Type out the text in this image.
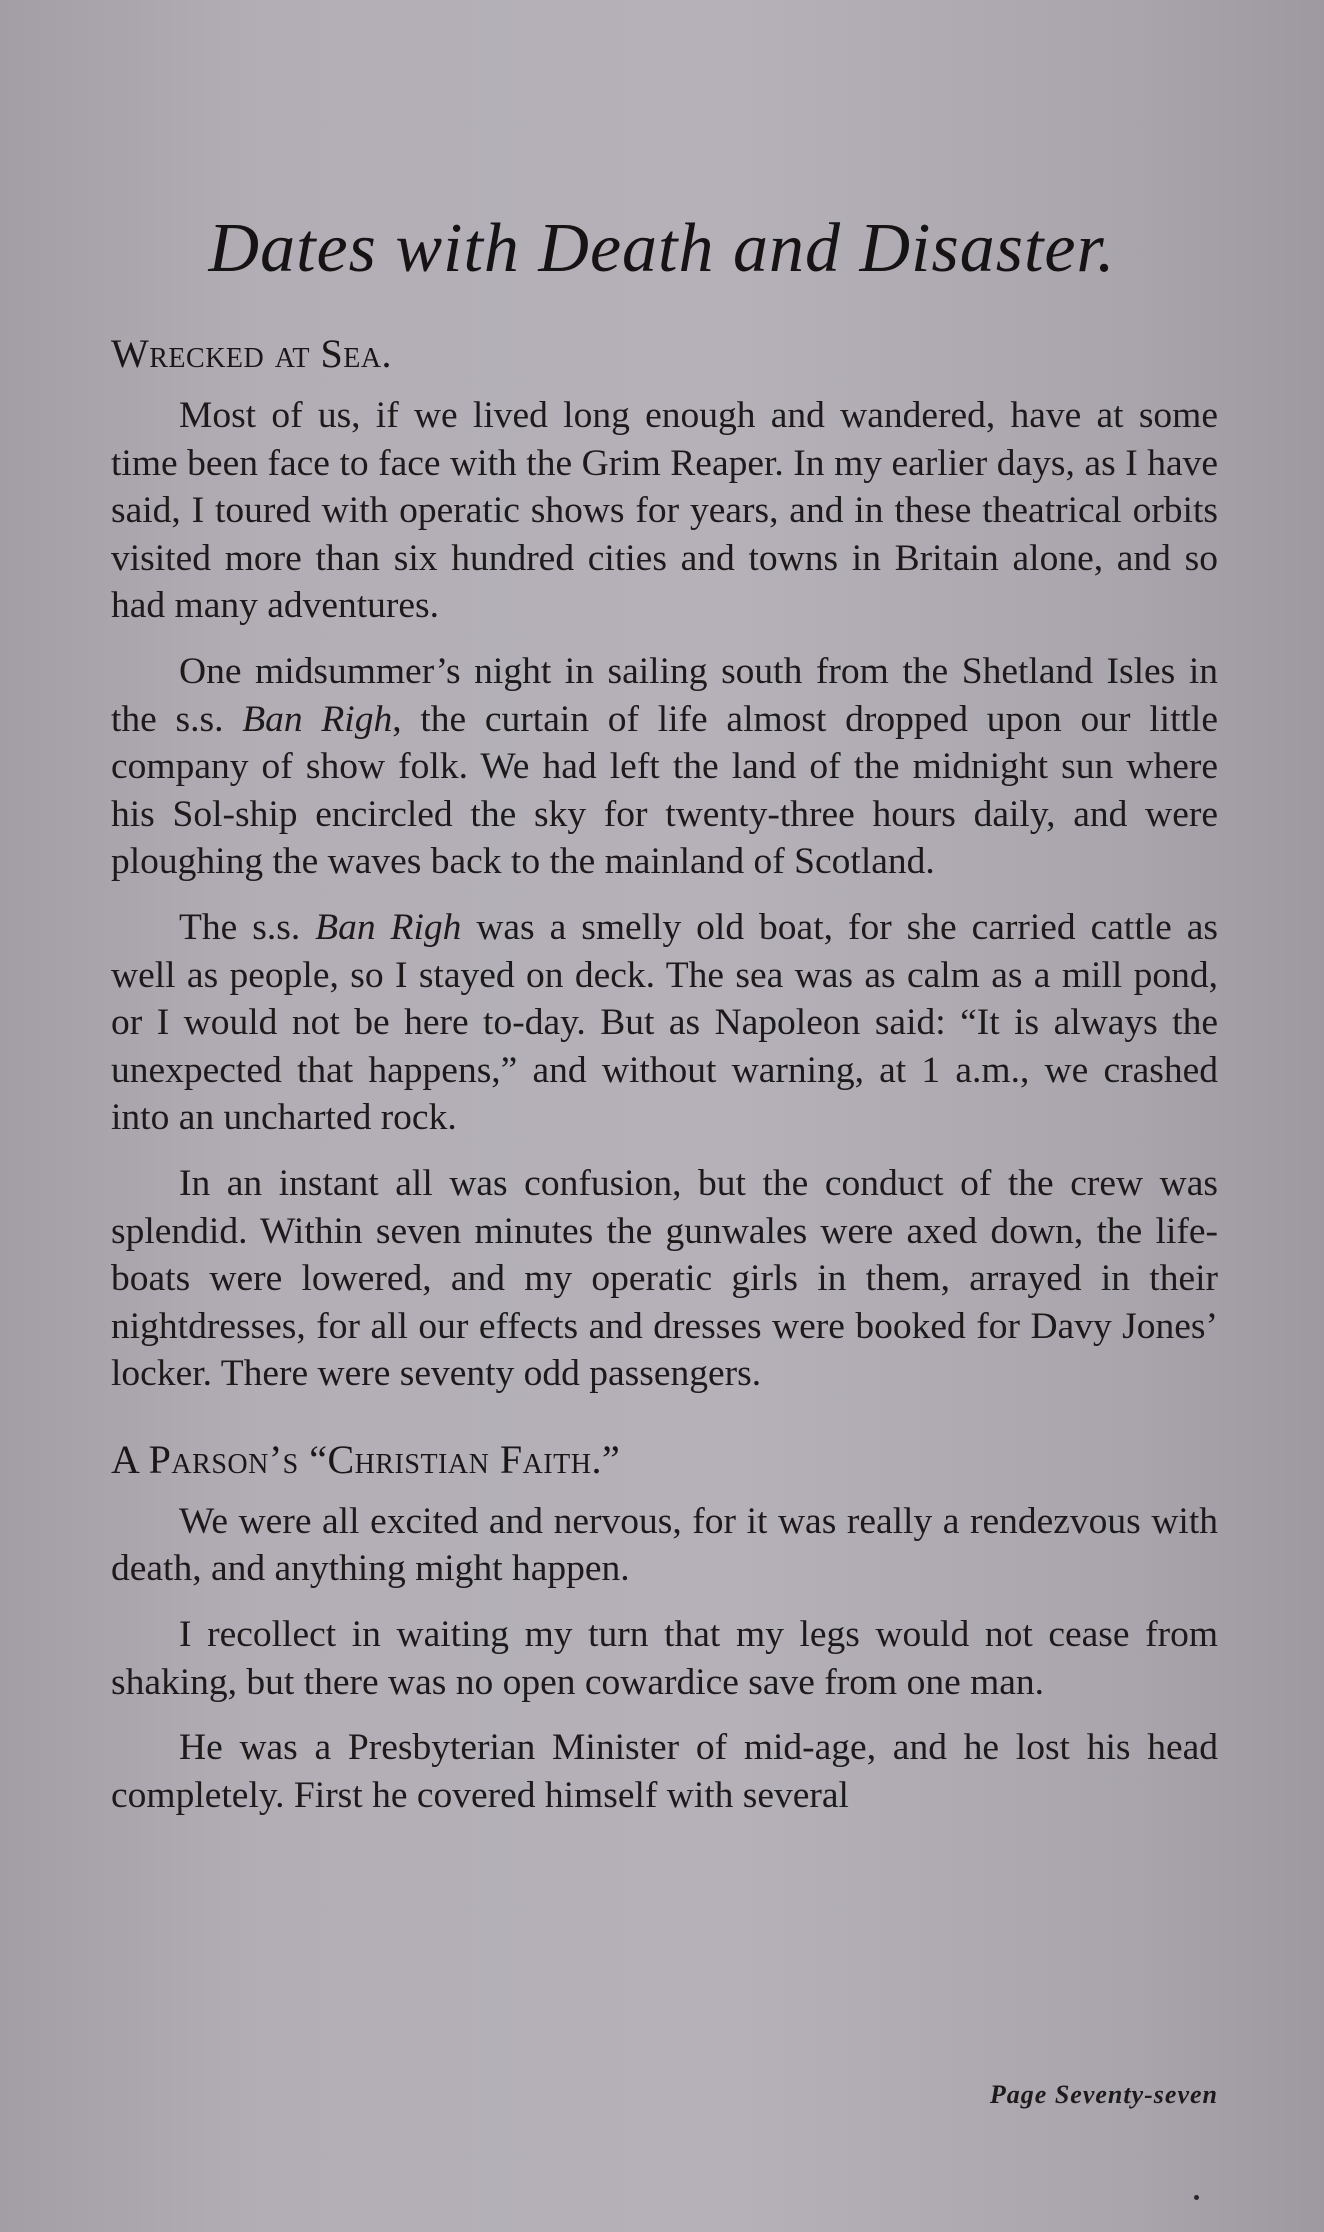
Dates with Death and Disaster.
Wrecked at Sea.

Most of us, if we lived long enough and wandered, have at some time been face to face with the Grim Reaper. In my earlier days, as I have said, I toured with operatic shows for years, and in these theatrical orbits visited more than six hundred cities and towns in Britain alone, and so had many adventures.

One midsummer’s night in sailing south from the Shetland Isles in the s.s. Ban Righ, the curtain of life almost dropped upon our little company of show folk. We had left the land of the midnight sun where his Sol-ship encircled the sky for twenty-three hours daily, and were ploughing the waves back to the mainland of Scotland.

The s.s. Ban Righ was a smelly old boat, for she carried cattle as well as people, so I stayed on deck. The sea was as calm as a mill pond, or I would not be here to-day. But as Napoleon said: “It is always the unexpected that happens,” and without warning, at 1 a.m., we crashed into an uncharted rock.

In an instant all was confusion, but the conduct of the crew was splendid. Within seven minutes the gunwales were axed down, the life-boats were lowered, and my operatic girls in them, arrayed in their nightdresses, for all our effects and dresses were booked for Davy Jones’ locker. There were seventy odd passengers.

A Parson’s “Christian Faith.”

We were all excited and nervous, for it was really a rendezvous with death, and anything might happen.

I recollect in waiting my turn that my legs would not cease from shaking, but there was no open cowardice save from one man.

He was a Presbyterian Minister of mid-age, and he lost his head completely. First he covered himself with several

Page Seventy-seven
